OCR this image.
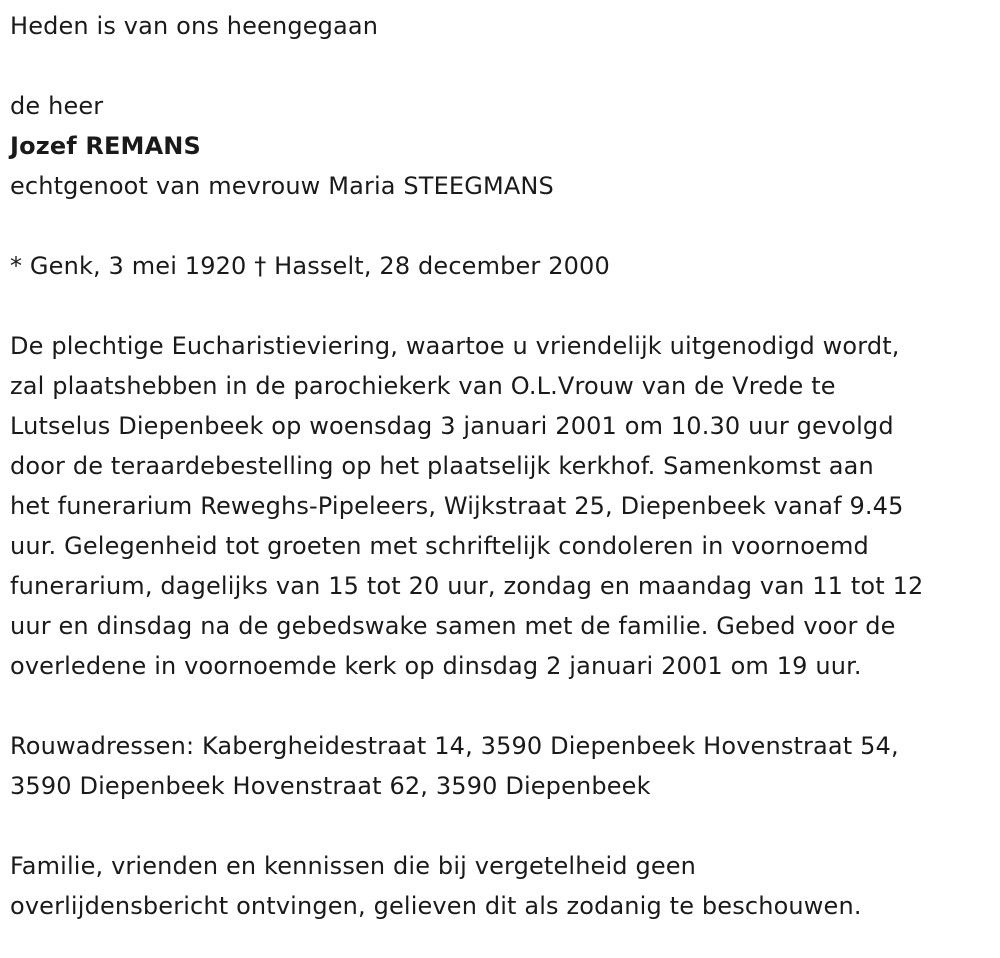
Heden is van ons heengegaan
de heer
Jozef REMANS
echtgenoot van mevrouw Maria STEEGMANS
* Genk, 3 mei 1920 † Hasselt, 28 december 2000
De plechtige Eucharistieviering, waartoe u vriendelijk uitgenodigd wordt,
zal plaatshebben in de parochiekerk van O.L.Vrouw van de Vrede te
Lutselus Diepenbeek op woensdag 3 januari 2001 om 10.30 uur gevolgd
door de teraardebestelling op het plaatselijk kerkhof. Samenkomst aan
het funerarium Reweghs-Pipeleers, Wijkstraat 25, Diepenbeek vanaf 9.45
uur. Gelegenheid tot groeten met schriftelijk condoleren in voornoemd
funerarium, dagelijks van 15 tot 20 uur, zondag en maandag van 11 tot 12
uur en dinsdag na de gebedswake samen met de familie. Gebed voor de
overledene in voornoemde kerk op dinsdag 2 januari 2001 om 19 uur.
Rouwadressen: Kabergheidestraat 14, 3590 Diepenbeek Hovenstraat 54,
3590 Diepenbeek Hovenstraat 62, 3590 Diepenbeek
Familie, vrienden en kennissen die bij vergetelheid geen
overlijdensbericht ontvingen, gelieven dit als zodanig te beschouwen.
